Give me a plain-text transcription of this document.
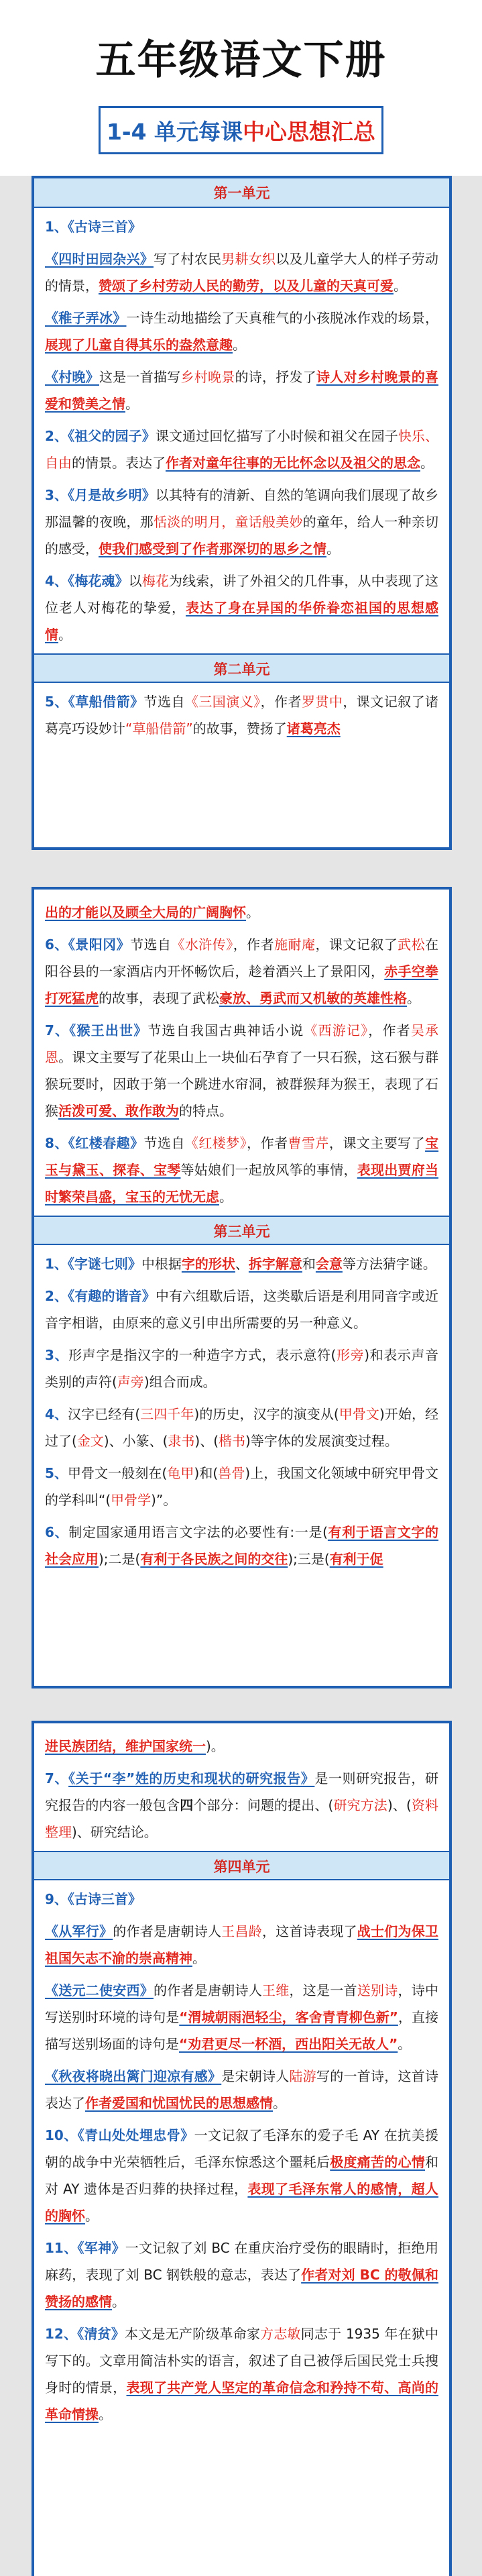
五年级语文下册
1-4 单元每课 中心思想汇总
第一单元

1、《古诗三首》

《四时田园杂兴》写了村农民男耕女织以及儿童学大人的样子劳动的情景，赞颂了乡村劳动人民的勤劳，以及儿童的天真可爱。

《稚子弄冰》一诗生动地描绘了天真稚气的小孩脱冰作戏的场景，展现了儿童自得其乐的盎然意趣。

《村晚》这是一首描写乡村晚景的诗，抒发了诗人对乡村晚景的喜爱和赞美之情。

2、《祖父的园子》课文通过回忆描写了小时候和祖父在园子快乐、自由的情景。表达了作者对童年往事的无比怀念以及祖父的思念。

3、《月是故乡明》以其特有的清新、自然的笔调向我们展现了故乡那温馨的夜晚，那恬淡的明月，童话般美妙的童年，给人一种亲切的感受，使我们感受到了作者那深切的思乡之情。

4、《梅花魂》以梅花为线索，讲了外祖父的几件事，从中表现了这位老人对梅花的挚爱，表达了身在异国的华侨眷恋祖国的思想感情。

第二单元

5、《草船借箭》节选自《三国演义》，作者罗贯中，课文记叙了诸葛亮巧设妙计“草船借箭”的故事，赞扬了诸葛亮杰

出的才能以及顾全大局的广阔胸怀。

6、《景阳冈》节选自《水浒传》，作者施耐庵，课文记叙了武松在阳谷县的一家酒店内开怀畅饮后，趁着酒兴上了景阳冈，赤手空拳打死猛虎的故事，表现了武松豪放、勇武而又机敏的英雄性格。

7、《猴王出世》节选自我国古典神话小说《西游记》，作者吴承恩。课文主要写了花果山上一块仙石孕育了一只石猴，这石猴与群猴玩要时，因敢于第一个跳进水帘洞，被群猴拜为猴王，表现了石猴活泼可爱、敢作敢为的特点。

8、《红楼春趣》节选自《红楼梦》，作者曹雪芹，课文主要写了宝玉与黛玉、探春、宝琴等姑娘们一起放风筝的事情，表现出贾府当时繁荣昌盛，宝玉的无忧无虑。

第三单元

1、《字谜七则》中根据字的形状、拆字解意和会意等方法猜字谜。

2、《有趣的谐音》中有六组歇后语，这类歇后语是利用同音字或近音字相谐，由原来的意义引申出所需要的另一种意义。

3、形声字是指汉字的一种造字方式，表示意符(形旁)和表示声音类别的声符(声旁)组合而成。

4、汉字已经有(三四千年)的历史，汉字的演变从(甲骨文)开始，经过了(金文)、小篆、(隶书)、(楷书)等字体的发展演变过程。

5、甲骨文一般刻在(龟甲)和(兽骨)上，我国文化领域中研究甲骨文的学科叫“(甲骨学)”。

6、制定国家通用语言文字法的必要性有:一是(有利于语言文字的社会应用);二是(有利于各民族之间的交往);三是(有利于促

进民族团结，维护国家统一)。

7、《关于“李”姓的历史和现状的研究报告》是一则研究报告，研究报告的内容一般包含四个部分：问题的提出、(研究方法)、(资料整理)、研究结论。

第四单元

9、《古诗三首》

《从军行》的作者是唐朝诗人王昌龄，这首诗表现了战士们为保卫祖国矢志不渝的崇高精神。

《送元二使安西》的作者是唐朝诗人王维，这是一首送别诗，诗中写送别时环境的诗句是“渭城朝雨浥轻尘，客舍青青柳色新”，直接描写送别场面的诗句是“劝君更尽一杯酒，西出阳关无故人”。

《秋夜将晓出篱门迎凉有感》是宋朝诗人陆游写的一首诗，这首诗表达了作者爱国和忧国忧民的思想感情。

10、《青山处处埋忠骨》一文记叙了毛泽东的爱子毛 AY 在抗美援朝的战争中光荣牺牲后，毛泽东惊悉这个噩耗后极度痛苦的心情和对 AY 遗体是否归葬的抉择过程，表现了毛泽东常人的感情，超人的胸怀。

11、《军神》一文记叙了刘 BC 在重庆治疗受伤的眼睛时，拒绝用麻药，表现了刘 BC 钢铁般的意志，表达了作者对刘 BC 的敬佩和赞扬的感情。

12、《清贫》本文是无产阶级革命家方志敏同志于 1935 年在狱中写下的。文章用简洁朴实的语言，叙述了自己被俘后国民党士兵搜身时的情景，表现了共产党人坚定的革命信念和矜持不苟、高尚的革命情操。
